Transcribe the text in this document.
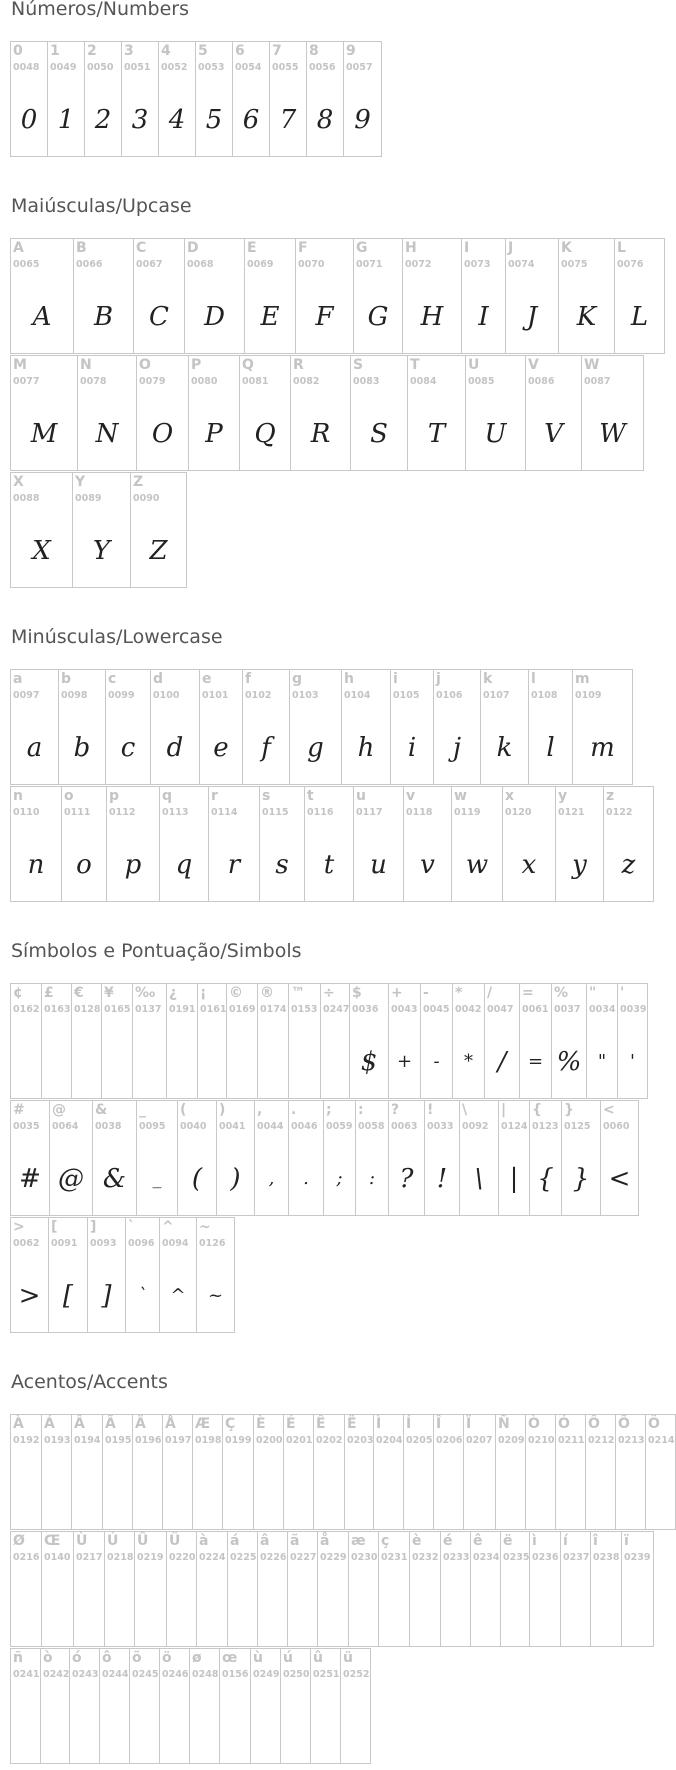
Números/Numbers
0
0048
0
1
0049
1
2
0050
2
3
0051
3
4
0052
4
5
0053
5
6
0054
6
7
0055
7
8
0056
8
9
0057
9
Maiúsculas/Upcase
A
0065
A
B
0066
B
C
0067
C
D
0068
D
E
0069
E
F
0070
F
G
0071
G
H
0072
H
I
0073
I
J
0074
J
K
0075
K
L
0076
L
M
0077
M
N
0078
N
O
0079
O
P
0080
P
Q
0081
Q
R
0082
R
S
0083
S
T
0084
T
U
0085
U
V
0086
V
W
0087
W
X
0088
X
Y
0089
Y
Z
0090
Z
Minúsculas/Lowercase
a
0097
a
b
0098
b
c
0099
c
d
0100
d
e
0101
e
f
0102
f
g
0103
g
h
0104
h
i
0105
i
j
0106
j
k
0107
k
l
0108
l
m
0109
m
n
0110
n
o
0111
o
p
0112
p
q
0113
q
r
0114
r
s
0115
s
t
0116
t
u
0117
u
v
0118
v
w
0119
w
x
0120
x
y
0121
y
z
0122
z
Símbolos e Pontuação/Simbols
¢
0162
£
0163
€
0128
¥
0165
‰
0137
¿
0191
¡
0161
©
0169
®
0174
™
0153
÷
0247
$
0036
$
+
0043
+
-
0045
-
*
0042
*
/
0047
/
=
0061
=
%
0037
%
"
0034
"
'
0039
'
#
0035
#
@
0064
@
&
0038
&
_
0095
_
(
0040
(
)
0041
)
,
0044
,
.
0046
.
;
0059
;
:
0058
:
?
0063
?
!
0033
!
\
0092
\
|
0124
|
{
0123
{
}
0125
}
<
0060
<
>
0062
>
[
0091
[
]
0093
]
`
0096
`
^
0094
^
~
0126
~
Acentos/Accents
À
0192
Á
0193
Â
0194
Ã
0195
Ä
0196
Å
0197
Æ
0198
Ç
0199
È
0200
É
0201
Ê
0202
Ë
0203
Ì
0204
Í
0205
Î
0206
Ï
0207
Ñ
0209
Ò
0210
Ó
0211
Ô
0212
Õ
0213
Ö
0214
Ø
0216
Œ
0140
Ù
0217
Ú
0218
Û
0219
Ü
0220
à
0224
á
0225
â
0226
ã
0227
å
0229
æ
0230
ç
0231
è
0232
é
0233
ê
0234
ë
0235
ì
0236
í
0237
î
0238
ï
0239
ñ
0241
ò
0242
ó
0243
ô
0244
õ
0245
ö
0246
ø
0248
œ
0156
ù
0249
ú
0250
û
0251
ü
0252
